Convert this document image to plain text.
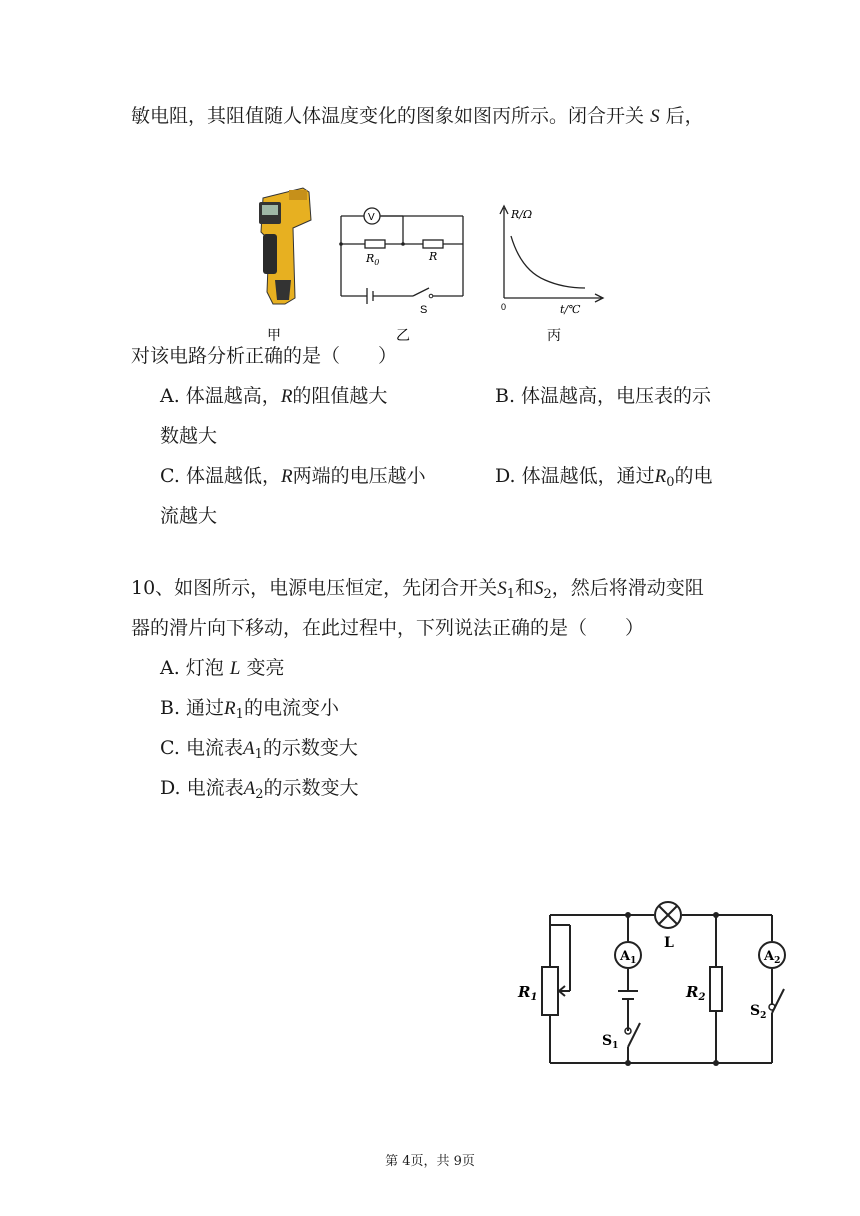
敏电阻，其阻值随人体温度变化的图象如图丙所示。闭合开关 S 后，
甲
V
$R_0$	R
S
乙
R/Ω
t/℃
0
丙
对该电路分析正确的是（　　）
A. 体温越高，R的阻值越大	B. 体温越高，电压表的示
数越大
C. 体温越低，R两端的电压越小	D. 体温越低，通过$R_0$的电
流越大
10、如图所示，电源电压恒定，先闭合开关$S_1$和$S_2$，然后将滑动变阻
器的滑片向下移动，在此过程中，下列说法正确的是（　　）
A. 灯泡 L 变亮
B. 通过$R_1$的电流变小
C. 电流表$A_1$的示数变大
D. 电流表$A_2$的示数变大
L
$A_1$	$A_2$
$R_1$	$R_2$
$S_1$
$S_2$
第 4页，共 9页
